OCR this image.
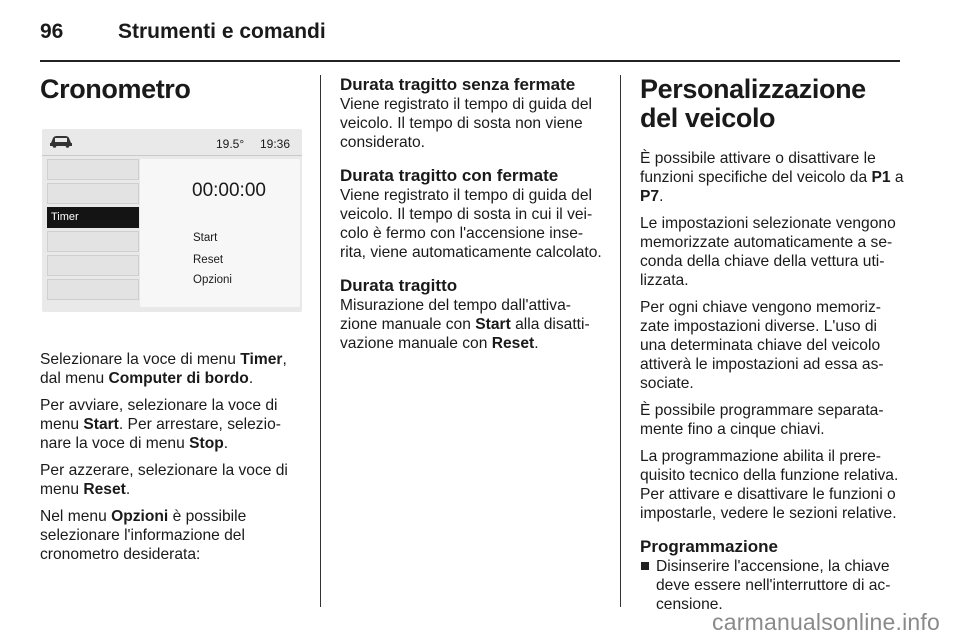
96	Strumenti e comandi
Cronometro
19.5° 19:36
Timer
00:00:00
Start
Reset
Opzioni

Selezionare la voce di menu Timer, dal menu Computer di bordo.

Per avviare, selezionare la voce di menu Start. Per arrestare, selezionare la voce di menu Stop.

Per azzerare, selezionare la voce di menu Reset.

Nel menu Opzioni è possibile selezionare l'informazione del cronometro desiderata:

Durata tragitto senza fermate

Viene registrato il tempo di guida del veicolo. Il tempo di sosta non viene considerato.

Durata tragitto con fermate

Viene registrato il tempo di guida del veicolo. Il tempo di sosta in cui il veicolo è fermo con l'accensione inserita, viene automaticamente calcolato.

Durata tragitto

Misurazione del tempo dall'attivazione manuale con Start alla disattivazione manuale con Reset.

Personalizzazione del veicolo

È possibile attivare o disattivare le funzioni specifiche del veicolo da P1 a P7.

Le impostazioni selezionate vengono memorizzate automaticamente a seconda della chiave della vettura utilizzata.

Per ogni chiave vengono memorizzate impostazioni diverse. L'uso di una determinata chiave del veicolo attiverà le impostazioni ad essa associate.

È possibile programmare separatamente fino a cinque chiavi.

La programmazione abilita il prerequisito tecnico della funzione relativa. Per attivare e disattivare le funzioni o impostarle, vedere le sezioni relative.

Programmazione

Disinserire l'accensione, la chiave deve essere nell'interruttore di accensione.

carmanualsonline.info
